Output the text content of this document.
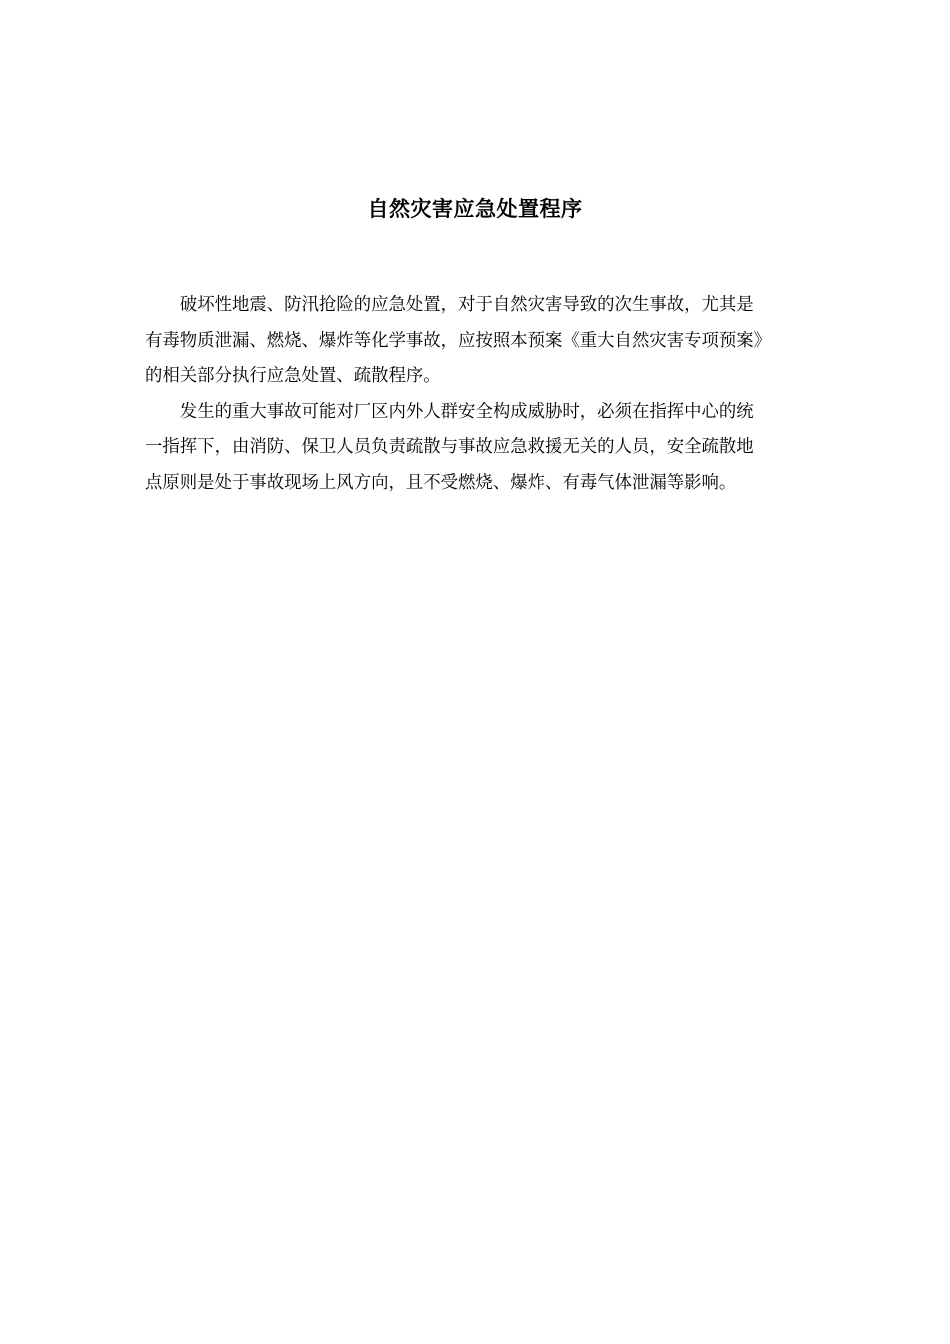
自然灾害应急处置程序

破坏性地震、防汛抢险的应急处置，对于自然灾害导致的次生事故，尤其是
有毒物质泄漏、燃烧、爆炸等化学事故，应按照本预案《重大自然灾害专项预案》
的相关部分执行应急处置、疏散程序。

发生的重大事故可能对厂区内外人群安全构成威胁时，必须在指挥中心的统
一指挥下，由消防、保卫人员负责疏散与事故应急救援无关的人员，安全疏散地
点原则是处于事故现场上风方向，且不受燃烧、爆炸、有毒气体泄漏等影响。
